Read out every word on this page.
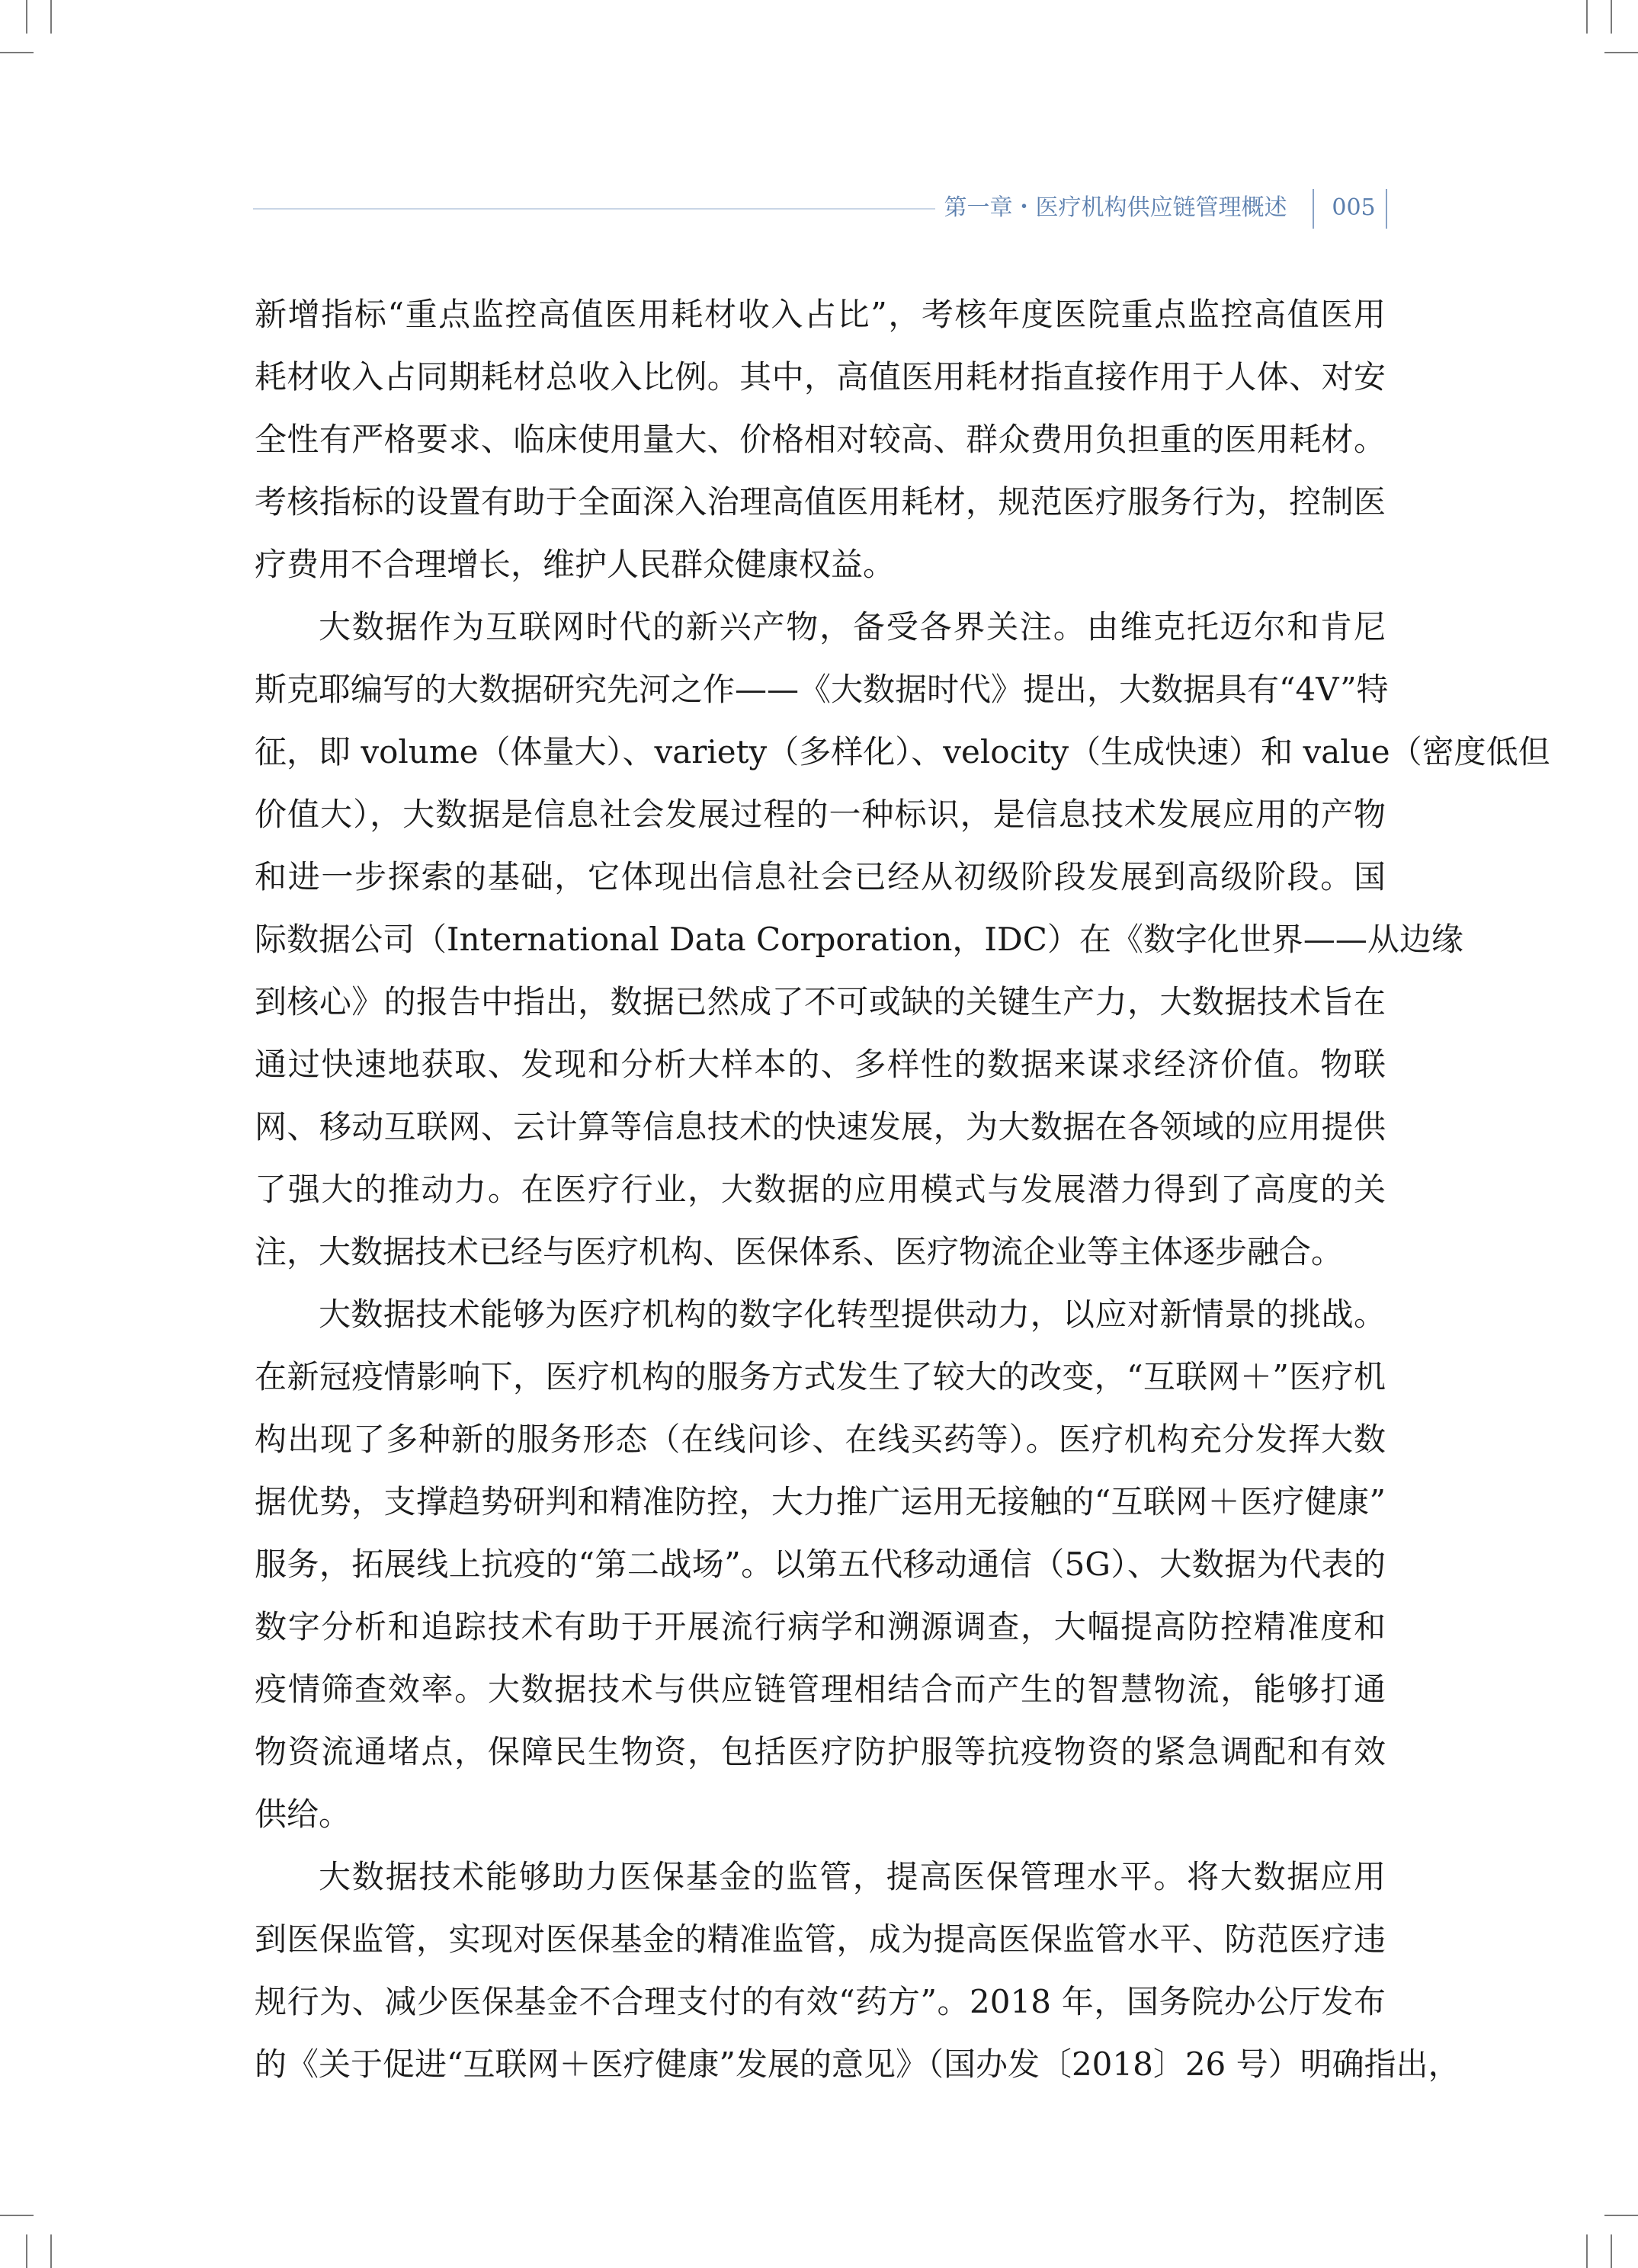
第一章・医疗机构供应链管理概述	005
新增指标“重点监控高值医用耗材收入占比”，考核年度医院重点监控高值医用
耗材收入占同期耗材总收入比例。其中，高值医用耗材指直接作用于人体、对安
全性有严格要求、临床使用量大、价格相对较高、群众费用负担重的医用耗材。
考核指标的设置有助于全面深入治理高值医用耗材，规范医疗服务行为，控制医
疗费用不合理增长，维护人民群众健康权益。
大数据作为互联网时代的新兴产物，备受各界关注。由维克托迈尔和肯尼
斯克耶编写的大数据研究先河之作——《大数据时代》提出，大数据具有“4V”特
征，即 volume（体量大）、variety（多样化）、velocity（生成快速）和 value（密度低但
价值大），大数据是信息社会发展过程的一种标识，是信息技术发展应用的产物
和进一步探索的基础，它体现出信息社会已经从初级阶段发展到高级阶段。国
际数据公司（International Data Corporation，IDC）在《数字化世界——从边缘
到核心》的报告中指出，数据已然成了不可或缺的关键生产力，大数据技术旨在
通过快速地获取、发现和分析大样本的、多样性的数据来谋求经济价值。物联
网、移动互联网、云计算等信息技术的快速发展，为大数据在各领域的应用提供
了强大的推动力。在医疗行业，大数据的应用模式与发展潜力得到了高度的关
注，大数据技术已经与医疗机构、医保体系、医疗物流企业等主体逐步融合。
大数据技术能够为医疗机构的数字化转型提供动力，以应对新情景的挑战。
在新冠疫情影响下，医疗机构的服务方式发生了较大的改变，“互联网＋”医疗机
构出现了多种新的服务形态（在线问诊、在线买药等）。医疗机构充分发挥大数
据优势，支撑趋势研判和精准防控，大力推广运用无接触的“互联网＋医疗健康”
服务，拓展线上抗疫的“第二战场”。以第五代移动通信（5G）、大数据为代表的
数字分析和追踪技术有助于开展流行病学和溯源调查，大幅提高防控精准度和
疫情筛查效率。大数据技术与供应链管理相结合而产生的智慧物流，能够打通
物资流通堵点，保障民生物资，包括医疗防护服等抗疫物资的紧急调配和有效
供给。
大数据技术能够助力医保基金的监管，提高医保管理水平。将大数据应用
到医保监管，实现对医保基金的精准监管，成为提高医保监管水平、防范医疗违
规行为、减少医保基金不合理支付的有效“药方”。2018 年，国务院办公厅发布
的《关于促进“互联网＋医疗健康”发展的意见》（国办发〔2018〕26 号）明确指出，
